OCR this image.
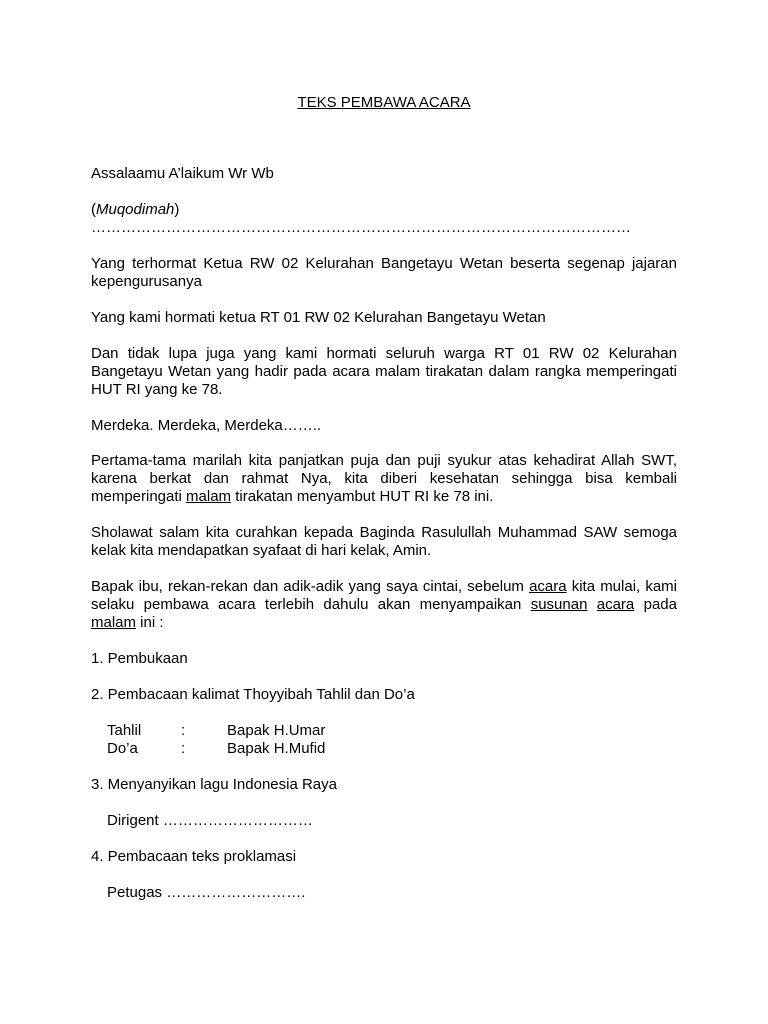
TEKS PEMBAWA ACARA

Assalaamu A’laikum Wr Wb

(Muqodimah)

………………………………………………………………………………………………

Yang terhormat Ketua RW 02 Kelurahan Bangetayu Wetan beserta segenap jajaran kepengurusanya

Yang kami hormati ketua RT 01 RW 02 Kelurahan Bangetayu Wetan

Dan tidak lupa juga yang kami hormati seluruh warga RT 01 RW 02 Kelurahan Bangetayu Wetan yang hadir pada acara malam tirakatan dalam rangka memperingati HUT RI yang ke 78.

Merdeka. Merdeka, Merdeka……..

Pertama-tama marilah kita panjatkan puja dan puji syukur atas kehadirat Allah SWT, karena berkat dan rahmat Nya, kita diberi kesehatan sehingga bisa kembali memperingati malam tirakatan menyambut HUT RI ke 78 ini.

Sholawat salam kita curahkan kepada Baginda Rasulullah Muhammad SAW semoga kelak kita mendapatkan syafaat di hari kelak, Amin.

Bapak ibu, rekan-rekan dan adik-adik yang saya cintai, sebelum acara kita mulai, kami selaku pembawa acara terlebih dahulu akan menyampaikan susunan acara pada malam ini :

1. Pembukaan

2. Pembacaan kalimat Thoyyibah Tahlil dan Do’a

Tahlil	:	Bapak H.Umar
Do’a	:	Bapak H.Mufid

3. Menyanyikan lagu Indonesia Raya

Dirigent …………………………

4. Pembacaan teks proklamasi

Petugas ……………………….
